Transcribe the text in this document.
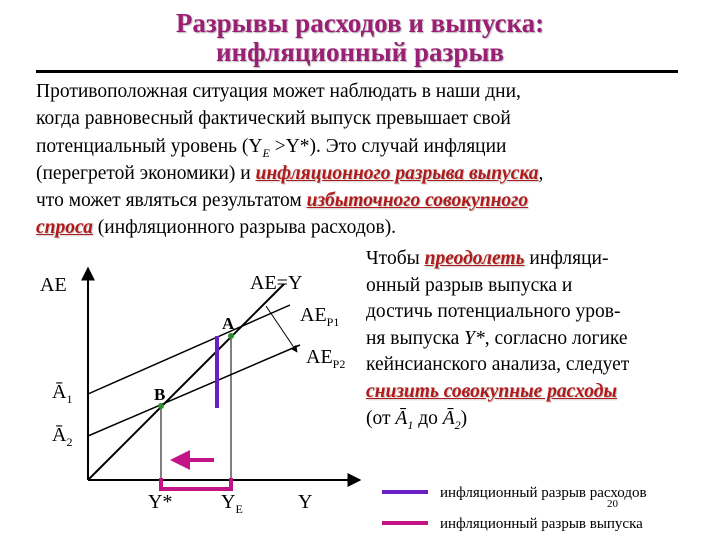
Разрывы расходов и выпуска:
инфляционный разрыв
Противоположная ситуация может наблюдать в наши дни,
когда равновесный фактический выпуск превышает свой
потенциальный уровень $(Y_E >Y*)$. Это случай инфляции
(перегретой экономики) и инфляционного разрыва выпуска,
что может являться результатом избыточного совокупного
спроса (инфляционного разрыва расходов).
Чтобы преодолеть инфляци-
онный разрыв выпуска и
достичь потенциального уров-
ня выпуска Y*, согласно логике
кейнсианского анализа, следует
снизить совокупные расходы
(от $Ā_1$ до $Ā_2$)
AE	AE=Y
$AE_{P1}$
$AE_{P2}$
A
B
$Ā_1$
$Ā_2$
Y* $Y_E$	Y	инфляционный разрыв расходов
инфляционный разрыв выпуска
20
